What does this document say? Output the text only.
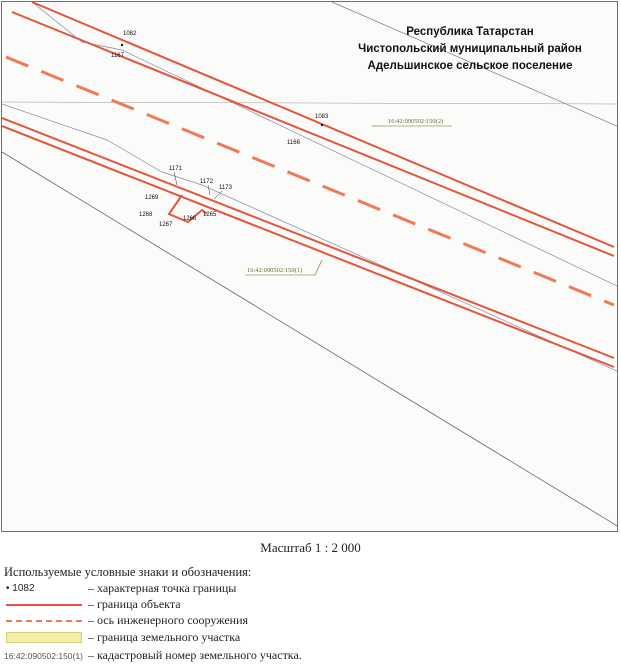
1082
1167
1083
1166
1171
1172
1173
1269
1268
1267
1266
1265
16:42:090502:150(2)
16:42:090502:150(1)
Республика Татарстан
Чистопольский муниципальный район
Адельшинское сельское поселение
Масштаб 1 : 2 000
Используемые условные знаки и обозначения:
• 1082	– характерная точка границы
– граница объекта
– ось инженерного сооружения
– граница земельного участка
16:42:090502:150(1) – кадастровый номер земельного участка.
